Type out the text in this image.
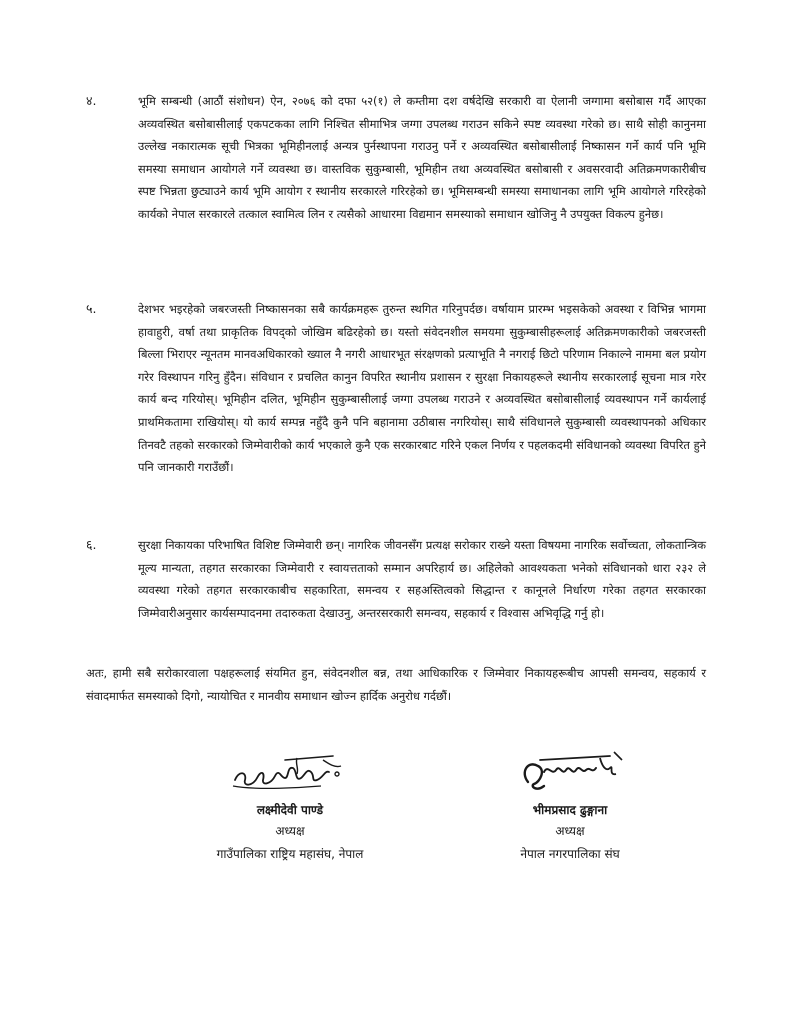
४.	भूमि सम्बन्धी (आठौं संशोधन) ऐन, २०७६ को दफा ५२(१) ले कम्तीमा दश वर्षदेखि सरकारी वा ऐलानी जग्गामा बसोबास गर्दै आएका अव्यवस्थित बसोबासीलाई एकपटकका लागि निश्चित सीमाभित्र जग्गा उपलब्ध गराउन सकिने स्पष्ट व्यवस्था गरेको छ। साथै सोही कानुनमा उल्लेख नकारात्मक सूची भित्रका भूमिहीनलाई अन्यत्र पुर्नस्थापना गराउनु पर्ने र अव्यवस्थित बसोबासीलाई निष्कासन गर्ने कार्य पनि भूमि समस्या समाधान आयोगले गर्ने व्यवस्था छ। वास्तविक सुकुम्बासी, भूमिहीन तथा अव्यवस्थित बसोबासी र अवसरवादी अतिक्रमणकारीबीच स्पष्ट भिन्नता छुट्याउने कार्य भूमि आयोग र स्थानीय सरकारले गरिरहेको छ। भूमिसम्बन्धी समस्या समाधानका लागि भूमि आयोगले गरिरहेको कार्यको नेपाल सरकारले तत्काल स्वामित्व लिन र त्यसैको आधारमा विद्यमान समस्याको समाधान खोजिनु नै उपयुक्त विकल्प हुनेछ।
५.	देशभर भइरहेको जबरजस्ती निष्कासनका सबै कार्यक्रमहरू तुरुन्त स्थगित गरिनुपर्दछ। वर्षायाम प्रारम्भ भइसकेको अवस्था र विभिन्न भागमा हावाहुरी, वर्षा तथा प्राकृतिक विपद्को जोखिम बढिरहेको छ। यस्तो संवेदनशील समयमा सुकुम्बासीहरूलाई अतिक्रमणकारीको जबरजस्ती बिल्ला भिराएर न्यूनतम मानवअधिकारको ख्याल नै नगरी आधारभूत संरक्षणको प्रत्याभूति नै नगराई छिटो परिणाम निकाल्ने नाममा बल प्रयोग गरेर विस्थापन गरिनु हुँदैन। संविधान र प्रचलित कानुन विपरित स्थानीय प्रशासन र सुरक्षा निकायहरूले स्थानीय सरकारलाई सूचना मात्र गरेर कार्य बन्द गरियोस्। भूमिहीन दलित, भूमिहीन सुकुम्बासीलाई जग्गा उपलब्ध गराउने र अव्यवस्थित बसोबासीलाई व्यवस्थापन गर्ने कार्यलाई प्राथमिकतामा राखियोस्। यो कार्य सम्पन्न नहुँदै कुनै पनि बहानामा उठीबास नगरियोस्। साथै संविधानले सुकुम्बासी व्यवस्थापनको अधिकार तिनवटै तहको सरकारको जिम्मेवारीको कार्य भएकाले कुनै एक सरकारबाट गरिने एकल निर्णय र पहलकदमी संविधानको व्यवस्था विपरित हुने पनि जानकारी गराउँछौं।
६.	सुरक्षा निकायका परिभाषित विशिष्ट जिम्मेवारी छन्। नागरिक जीवनसँग प्रत्यक्ष सरोकार राख्ने यस्ता विषयमा नागरिक सर्वोच्चता, लोकतान्त्रिक मूल्य मान्यता, तहगत सरकारका जिम्मेवारी र स्वायत्तताको सम्मान अपरिहार्य छ। अहिलेको आवश्यकता भनेको संविधानको धारा २३२ ले व्यवस्था गरेको तहगत सरकारकाबीच सहकारिता, समन्वय र सहअस्तित्वको सिद्धान्त र कानूनले निर्धारण गरेका तहगत सरकारका जिम्मेवारीअनुसार कार्यसम्पादनमा तदारुकता देखाउनु, अन्तरसरकारी समन्वय, सहकार्य र विश्वास अभिवृद्धि गर्नु हो।
अतः, हामी सबै सरोकारवाला पक्षहरूलाई संयमित हुन, संवेदनशील बन्न, तथा आधिकारिक र जिम्मेवार निकायहरूबीच आपसी समन्वय, सहकार्य र संवादमार्फत समस्याको दिगो, न्यायोचित र मानवीय समाधान खोज्न हार्दिक अनुरोध गर्दछौं।
लक्ष्मीदेवी पाण्डे
अध्यक्ष
गाउँपालिका राष्ट्रिय महासंघ, नेपाल
भीमप्रसाद ढुङ्गाना
अध्यक्ष
नेपाल नगरपालिका संघ
